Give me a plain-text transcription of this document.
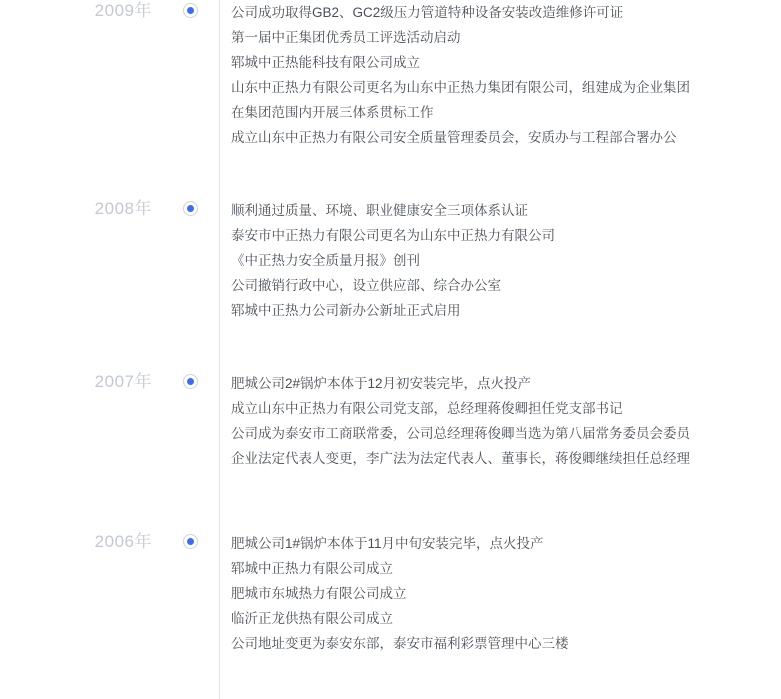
2009年	公司成功取得GB2、GC2级压力管道特种设备安装改造维修许可证
第一届中正集团优秀员工评选活动启动
郓城中正热能科技有限公司成立
山东中正热力有限公司更名为山东中正热力集团有限公司，组建成为企业集团
在集团范围内开展三体系贯标工作
成立山东中正热力有限公司安全质量管理委员会，安质办与工程部合署办公
2008年	顺利通过质量、环境、职业健康安全三项体系认证
泰安市中正热力有限公司更名为山东中正热力有限公司
《中正热力安全质量月报》创刊
公司撤销行政中心，设立供应部、综合办公室
郓城中正热力公司新办公新址正式启用
2007年	肥城公司2#锅炉本体于12月初安装完毕，点火投产
成立山东中正热力有限公司党支部，总经理蒋俊卿担任党支部书记
公司成为泰安市工商联常委，公司总经理蒋俊卿当选为第八届常务委员会委员
企业法定代表人变更，李广法为法定代表人、董事长，蒋俊卿继续担任总经理
2006年	肥城公司1#锅炉本体于11月中旬安装完毕，点火投产
郓城中正热力有限公司成立
肥城市东城热力有限公司成立
临沂正龙供热有限公司成立
公司地址变更为泰安东部，泰安市福利彩票管理中心三楼
